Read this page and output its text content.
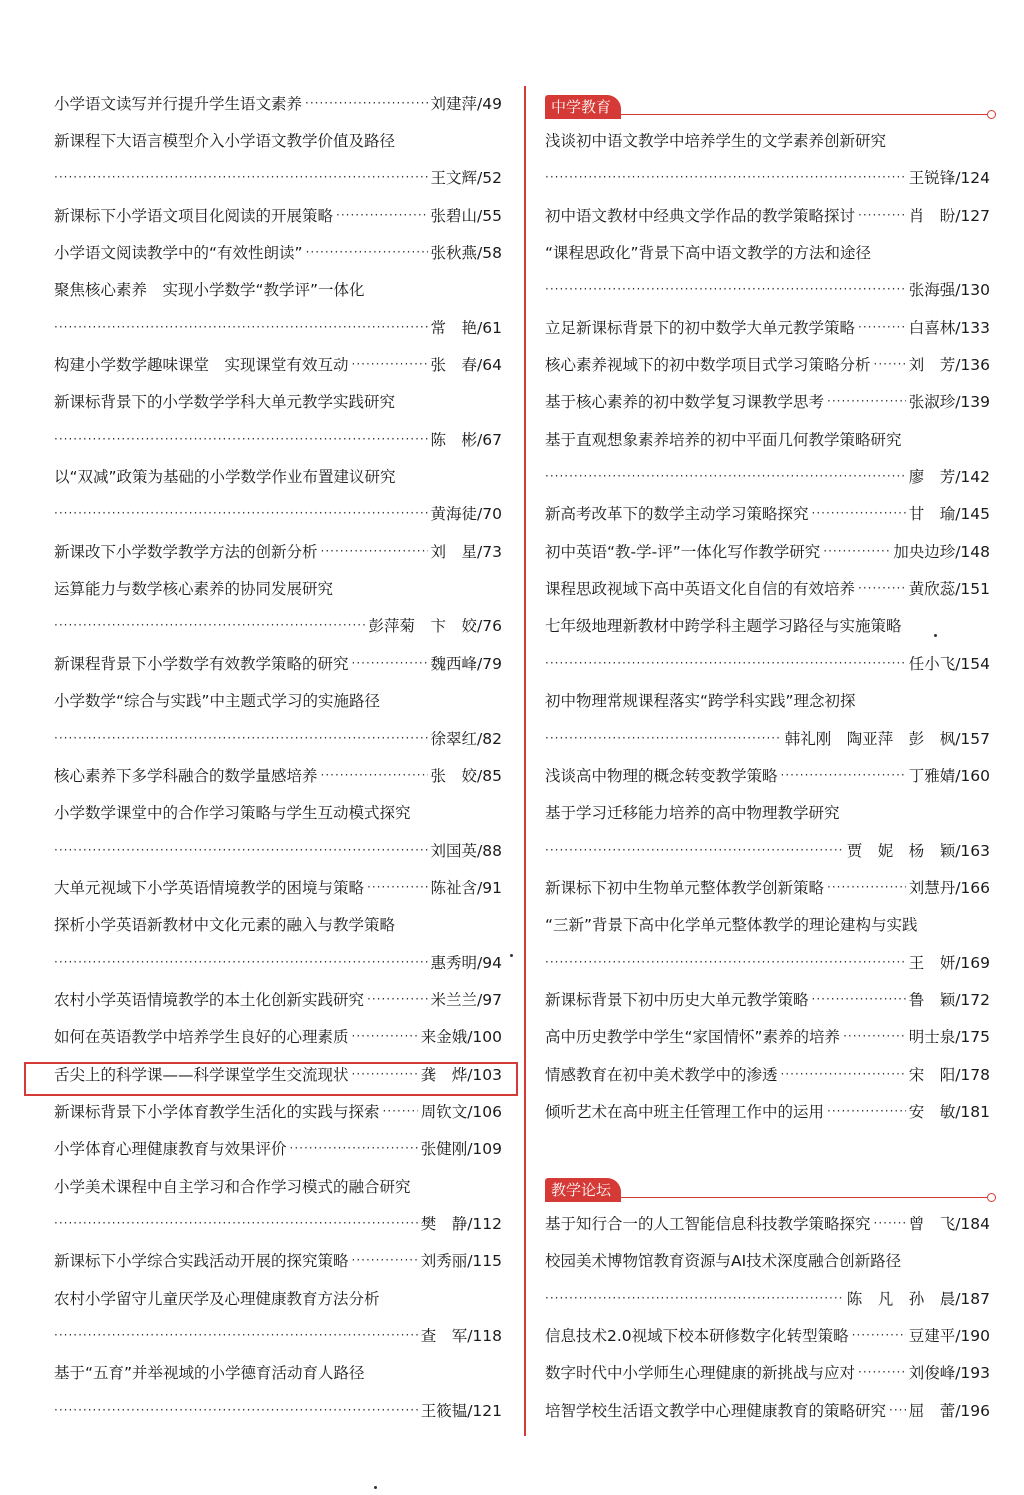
小学语文读写并行提升学生语文素养 ·····	刘建萍/49
新课程下大语言模型介入小学语文教学价值及路径
·····
王文辉/52
新课标下小学语文项目化阅读的开展策略 ·····	张碧山/55
小学语文阅读教学中的“有效性朗读” ·····	张秋燕/58
聚焦核心素养　实现小学数学“教学评”一体化
·····
常　艳/61
构建小学数学趣味课堂　实现课堂有效互动 ·····	张　春/64
新课标背景下的小学数学学科大单元教学实践研究
·····
陈　彬/67
以“双减”政策为基础的小学数学作业布置建议研究
·····
黄海徒/70
新课改下小学数学教学方法的创新分析 ·····	刘　星/73
运算能力与数学核心素养的协同发展研究
·····
彭萍菊　卞　姣/76
新课程背景下小学数学有效教学策略的研究 ·····	魏西峰/79
小学数学“综合与实践”中主题式学习的实施路径
·····
徐翠红/82
核心素养下多学科融合的数学量感培养 ·····	张　姣/85
小学数学课堂中的合作学习策略与学生互动模式探究
·····
刘国英/88
大单元视域下小学英语情境教学的困境与策略 ·····	陈祉含/91
探析小学英语新教材中文化元素的融入与教学策略
·····
惠秀明/94
农村小学英语情境教学的本土化创新实践研究 ·····	米兰兰/97
如何在英语教学中培养学生良好的心理素质 ·····	来金娥/100
舌尖上的科学课——科学课堂学生交流现状 ·····	龚　烨/103
新课标背景下小学体育教学生活化的实践与探索 ·····	周钦文/106
小学体育心理健康教育与效果评价 ·····	张健刚/109
小学美术课程中自主学习和合作学习模式的融合研究
·····
樊　静/112
新课标下小学综合实践活动开展的探究策略 ·····	刘秀丽/115
农村小学留守儿童厌学及心理健康教育方法分析
·····
查　军/118
基于“五育”并举视域的小学德育活动育人路径
·····
王筱韫/121
中学教育
浅谈初中语文教学中培养学生的文学素养创新研究
·····
王锐锋/124
初中语文教材中经典文学作品的教学策略探讨 ·····	肖　盼/127
“课程思政化”背景下高中语文教学的方法和途径
·····
张海强/130
立足新课标背景下的初中数学大单元教学策略 ·····	白喜林/133
核心素养视域下的初中数学项目式学习策略分析 ····· 刘　芳/136
基于核心素养的初中数学复习课教学思考 ·····	张淑珍/139
基于直观想象素养培养的初中平面几何教学策略研究
·····
廖　芳/142
新高考改革下的数学主动学习策略探究 ·····	甘　瑜/145
初中英语“教-学-评”一体化写作教学研究 ·····	加央边珍/148
课程思政视域下高中英语文化自信的有效培养 ·····	黄欣蕊/151
七年级地理新教材中跨学科主题学习路径与实施策略
·····
任小飞/154
初中物理常规课程落实“跨学科实践”理念初探
·····
韩礼刚　陶亚萍　彭　枫/157
浅谈高中物理的概念转变教学策略 ·····	丁雅婧/160
基于学习迁移能力培养的高中物理教学研究
·····
贾　妮　杨　颖/163
新课标下初中生物单元整体教学创新策略 ·····	刘慧丹/166
“三新”背景下高中化学单元整体教学的理论建构与实践
·····
王　妍/169
新课标背景下初中历史大单元教学策略 ·····	鲁　颖/172
高中历史教学中学生“家国情怀”素养的培养 ·····	明士泉/175
情感教育在初中美术教学中的渗透 ·····	宋　阳/178
倾听艺术在高中班主任管理工作中的运用 ·····	安　敏/181
教学论坛
基于知行合一的人工智能信息科技教学策略探究 ····· 曾　飞/184
校园美术博物馆教育资源与AI技术深度融合创新路径
·····
陈　凡　孙　晨/187
信息技术2.0视域下校本研修数字化转型策略 ·····	豆建平/190
数字时代中小学师生心理健康的新挑战与应对 ·····	刘俊峰/193
培智学校生活语文教学中心理健康教育的策略研究 ····· 屈　蕾/196
